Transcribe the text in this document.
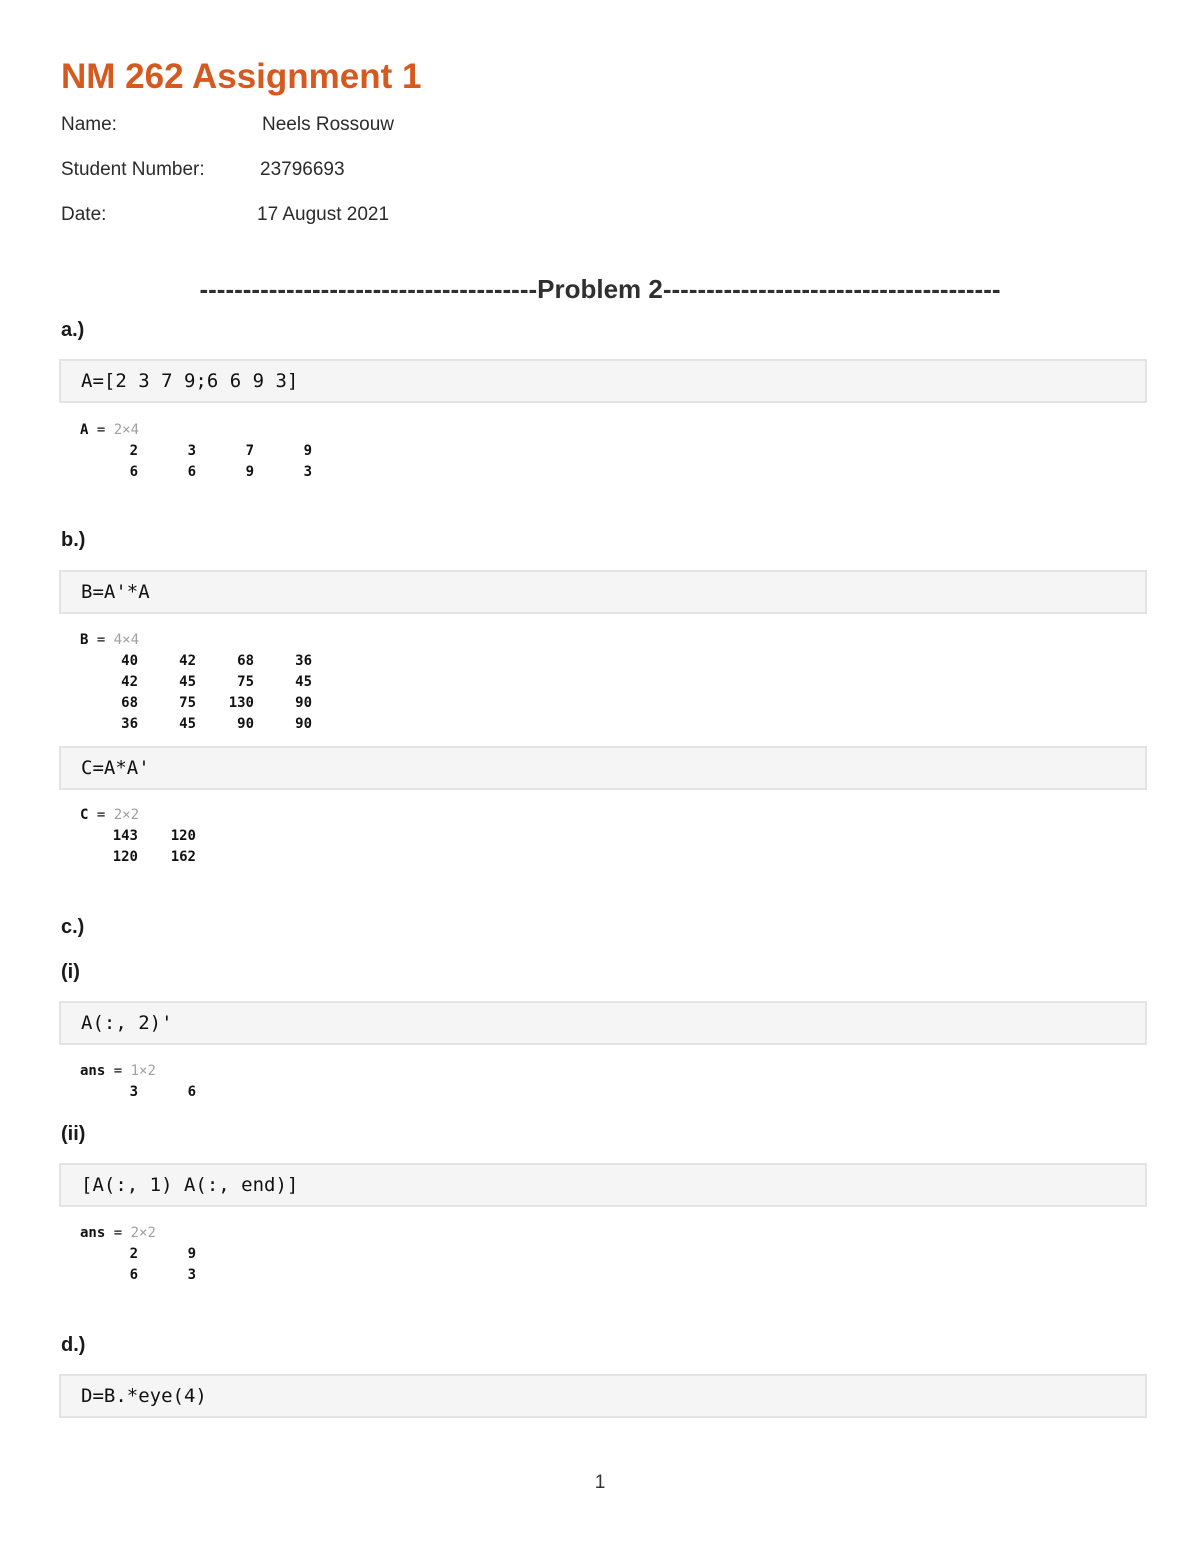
NM 262 Assignment 1
Name:	Neels Rossouw
Student Number:	23796693
Date:	17 August 2021
---------------------------------------Problem 2---------------------------------------
a.)
A=[2 3 7 9;6 6 9 3]
A = 2×4
2	3	7	9
6	6	9	3
b.)
B=A'*A
B = 4×4
40	42	68	36
42	45	75	45
68	75 130	90
36	45	90	90
C=A*A'
C = 2×2
143 120
120 162
c.)
(i)
A(:, 2)'
ans = 1×2
3	6
(ii)
[A(:, 1) A(:, end)]
ans = 2×2
2	9
6	3
d.)
D=B.*eye(4)
1
